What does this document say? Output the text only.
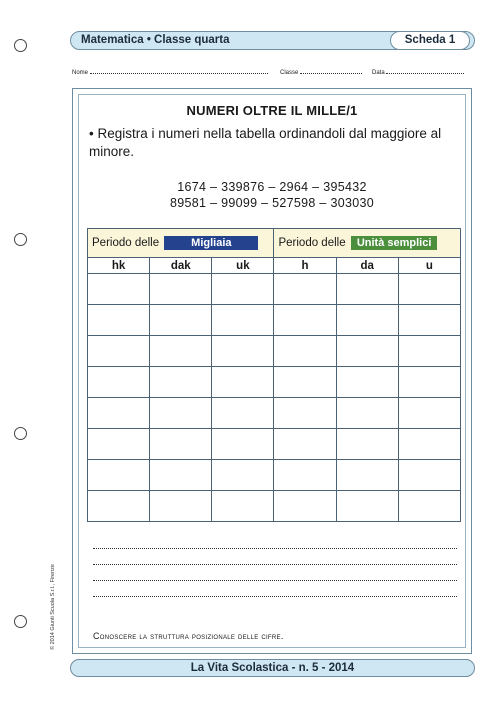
Matematica • Classe quarta	Scheda 1
Nome	Classe	Data
NUMERI OLTRE IL MILLE/1
• Registra i numeri nella tabella ordinandoli dal maggiore al minore.
1674 – 339876 – 2964 – 395432
89581 – 99099 – 527598 – 303030
Periodo delle Migliaia			Periodo delle Unità semplici		
hk	dak	uk	h	da	u

Conoscere la struttura posizionale delle cifre.
© 2014 Giunti Scuola S.r.l., Firenze
La Vita Scolastica - n. 5 - 2014
